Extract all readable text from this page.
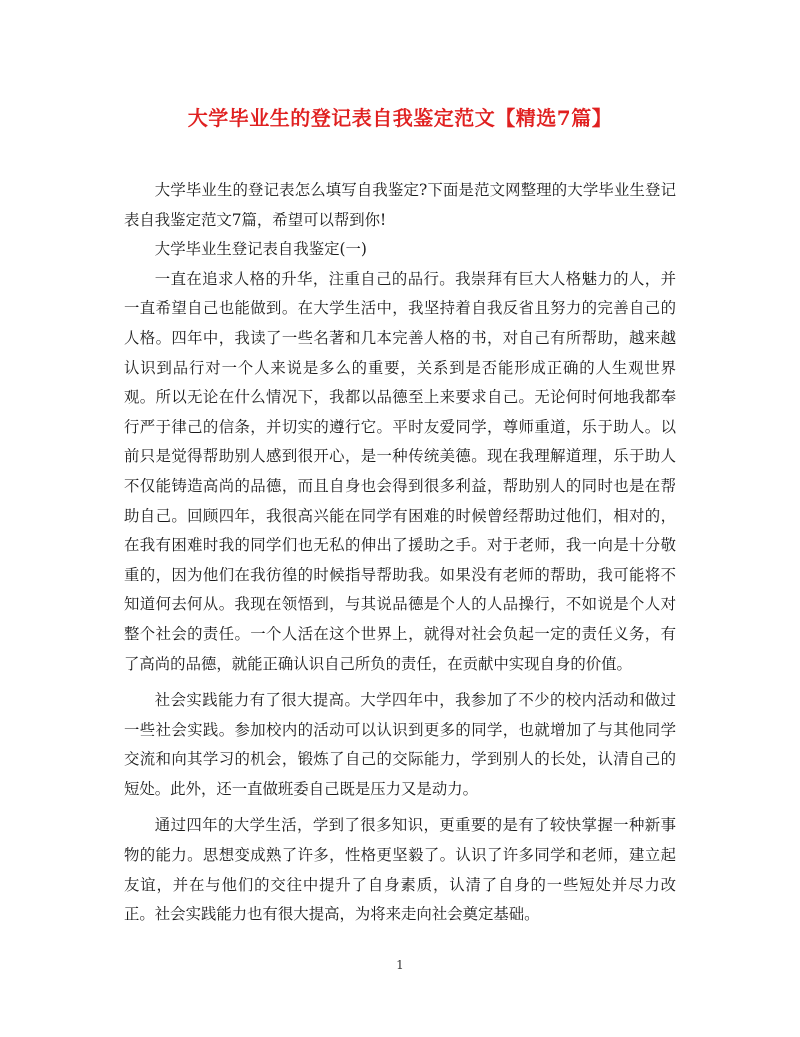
大学毕业生的登记表自我鉴定范文【精选7篇】

大学毕业生的登记表怎么填写自我鉴定?下面是范文网整理的大学毕业生登记表自我鉴定范文7篇，希望可以帮到你!

大学毕业生登记表自我鉴定(一)

一直在追求人格的升华，注重自己的品行。我崇拜有巨大人格魅力的人，并一直希望自己也能做到。在大学生活中，我坚持着自我反省且努力的完善自己的人格。四年中，我读了一些名著和几本完善人格的书，对自己有所帮助，越来越认识到品行对一个人来说是多么的重要，关系到是否能形成正确的人生观世界观。所以无论在什么情况下，我都以品德至上来要求自己。无论何时何地我都奉行严于律己的信条，并切实的遵行它。平时友爱同学，尊师重道，乐于助人。以前只是觉得帮助别人感到很开心，是一种传统美德。现在我理解道理，乐于助人不仅能铸造高尚的品德，而且自身也会得到很多利益，帮助别人的同时也是在帮助自己。回顾四年，我很高兴能在同学有困难的时候曾经帮助过他们，相对的，在我有困难时我的同学们也无私的伸出了援助之手。对于老师，我一向是十分敬重的，因为他们在我彷徨的时候指导帮助我。如果没有老师的帮助，我可能将不知道何去何从。我现在领悟到，与其说品德是个人的人品操行，不如说是个人对整个社会的责任。一个人活在这个世界上，就得对社会负起一定的责任义务，有了高尚的品德，就能正确认识自己所负的责任，在贡献中实现自身的价值。

社会实践能力有了很大提高。大学四年中，我参加了不少的校内活动和做过一些社会实践。参加校内的活动可以认识到更多的同学，也就增加了与其他同学交流和向其学习的机会，锻炼了自己的交际能力，学到别人的长处，认清自己的短处。此外，还一直做班委自己既是压力又是动力。

通过四年的大学生活，学到了很多知识，更重要的是有了较快掌握一种新事物的能力。思想变成熟了许多，性格更坚毅了。认识了许多同学和老师，建立起友谊，并在与他们的交往中提升了自身素质，认清了自身的一些短处并尽力改正。社会实践能力也有很大提高，为将来走向社会奠定基础。

1
